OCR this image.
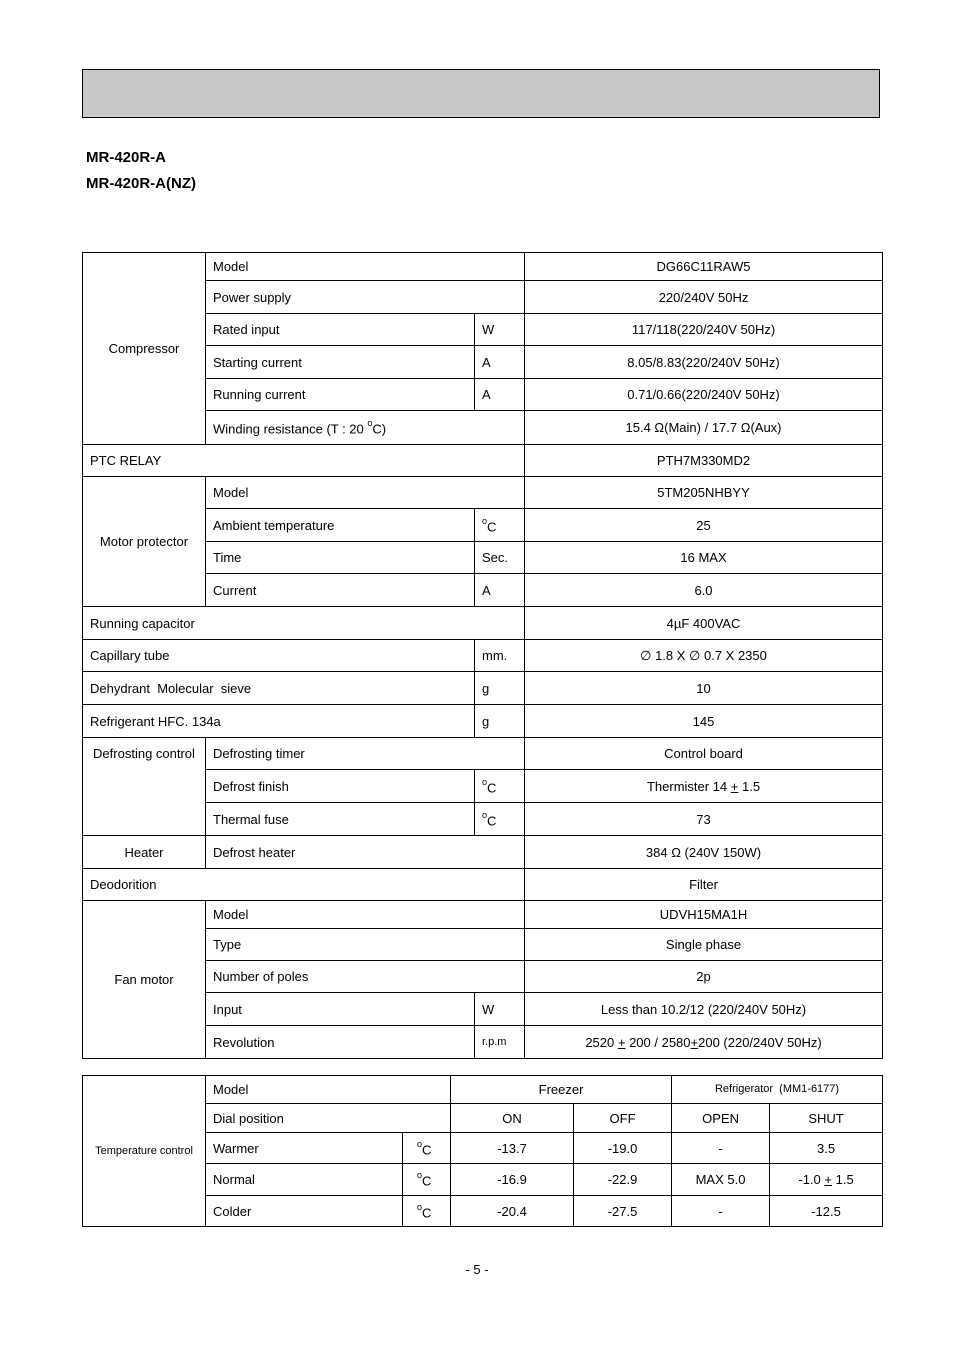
MR-420R-A
MR-420R-A(NZ)
Compressor	Model		DG66C11RAW5
	Power supply		220/240V 50Hz
	Rated input	W	117/118(220/240V 50Hz)
	Starting current	A	8.05/8.83(220/240V 50Hz)
	Running current	A	0.71/0.66(220/240V 50Hz)
	Winding resistance (T : 20 $^o$C)		15.4 Ω(Main) / 17.7 Ω(Aux)
PTC RELAY			PTH7M330MD2
Motor protector	Model		5TM205NHBYY
	Ambient temperature	$^o$C	25
	Time	Sec.	16 MAX
	Current	A	6.0
Running capacitor			4µF 400VAC
Capillary tube		mm.	∅ 1.8 X ∅ 0.7 X 2350
Dehydrant  Molecular  sieve		g	10
Refrigerant HFC. 134a		g	145
Defrosting control	Defrosting timer		Control board
	Defrost finish	$^o$C	Thermister 14 + 1.5
	Thermal fuse	$^o$C	73
Heater	Defrost heater		384 Ω (240V 150W)
Deodorition			Filter
Fan motor	Model		UDVH15MA1H
	Type		Single phase
	Number of poles		2p
	Input	W	Less than 10.2/12 (220/240V 50Hz)
	Revolution	r.p.m	2520 + 200 / 2580+200 (220/240V 50Hz)
Temperature control	Model		Freezer		Refrigerator  (MM1-6177)	
	Dial position		ON	OFF	OPEN	SHUT
	Warmer	$^o$C	-13.7	-19.0	-	3.5
	Normal	$^o$C	-16.9	-22.9	MAX 5.0	-1.0 + 1.5
	Colder	$^o$C	-20.4	-27.5	-	-12.5
- 5 -
